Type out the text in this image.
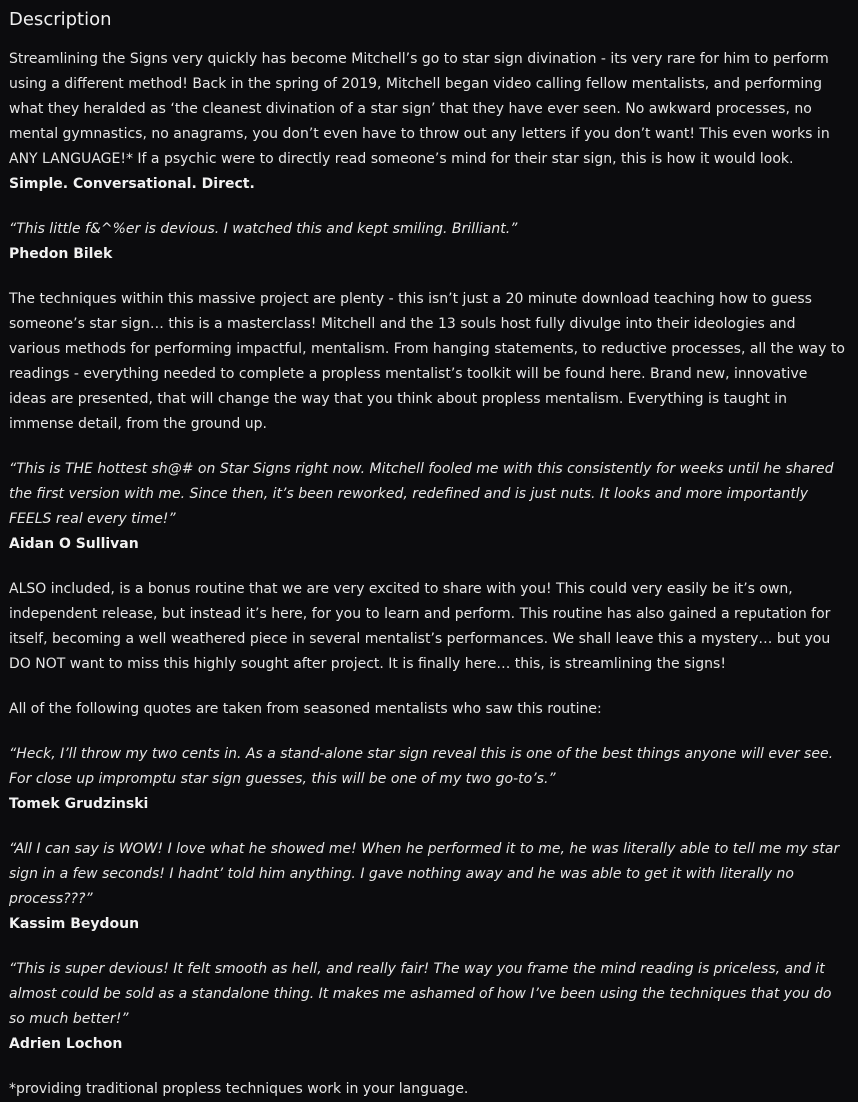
Description

Streamlining the Signs very quickly has become Mitchell’s go to star sign divination - its very rare for him to perform using a different method! Back in the spring of 2019, Mitchell began video calling fellow mentalists, and performing what they heralded as ‘the cleanest divination of a star sign’ that they have ever seen. No awkward processes, no mental gymnastics, no anagrams, you don’t even have to throw out any letters if you don’t want! This even works in ANY LANGUAGE!* If a psychic were to directly read someone’s mind for their star sign, this is how it would look. Simple. Conversational. Direct.

“This little f&^%er is devious. I watched this and kept smiling. Brilliant.”
Phedon Bilek

The techniques within this massive project are plenty - this isn’t just a 20 minute download teaching how to guess someone’s star sign… this is a masterclass! Mitchell and the 13 souls host fully divulge into their ideologies and various methods for performing impactful, mentalism. From hanging statements, to reductive processes, all the way to readings - everything needed to complete a propless mentalist’s toolkit will be found here. Brand new, innovative ideas are presented, that will change the way that you think about propless mentalism. Everything is taught in immense detail, from the ground up.

“This is THE hottest sh@# on Star Signs right now. Mitchell fooled me with this consistently for weeks until he shared the first version with me. Since then, it’s been reworked, redefined and is just nuts. It looks and more importantly FEELS real every time!”
Aidan O Sullivan

ALSO included, is a bonus routine that we are very excited to share with you! This could very easily be it’s own, independent release, but instead it’s here, for you to learn and perform. This routine has also gained a reputation for itself, becoming a well weathered piece in several mentalist’s performances. We shall leave this a mystery… but you DO NOT want to miss this highly sought after project. It is finally here… this, is streamlining the signs!

All of the following quotes are taken from seasoned mentalists who saw this routine:

“Heck, I’ll throw my two cents in. As a stand-alone star sign reveal this is one of the best things anyone will ever see. For close up impromptu star sign guesses, this will be one of my two go-to’s.”
Tomek Grudzinski

“All I can say is WOW! I love what he showed me! When he performed it to me, he was literally able to tell me my star sign in a few seconds! I hadnt’ told him anything. I gave nothing away and he was able to get it with literally no process???”
Kassim Beydoun

“This is super devious! It felt smooth as hell, and really fair! The way you frame the mind reading is priceless, and it almost could be sold as a standalone thing. It makes me ashamed of how I’ve been using the techniques that you do so much better!”
Adrien Lochon

*providing traditional propless techniques work in your language.
